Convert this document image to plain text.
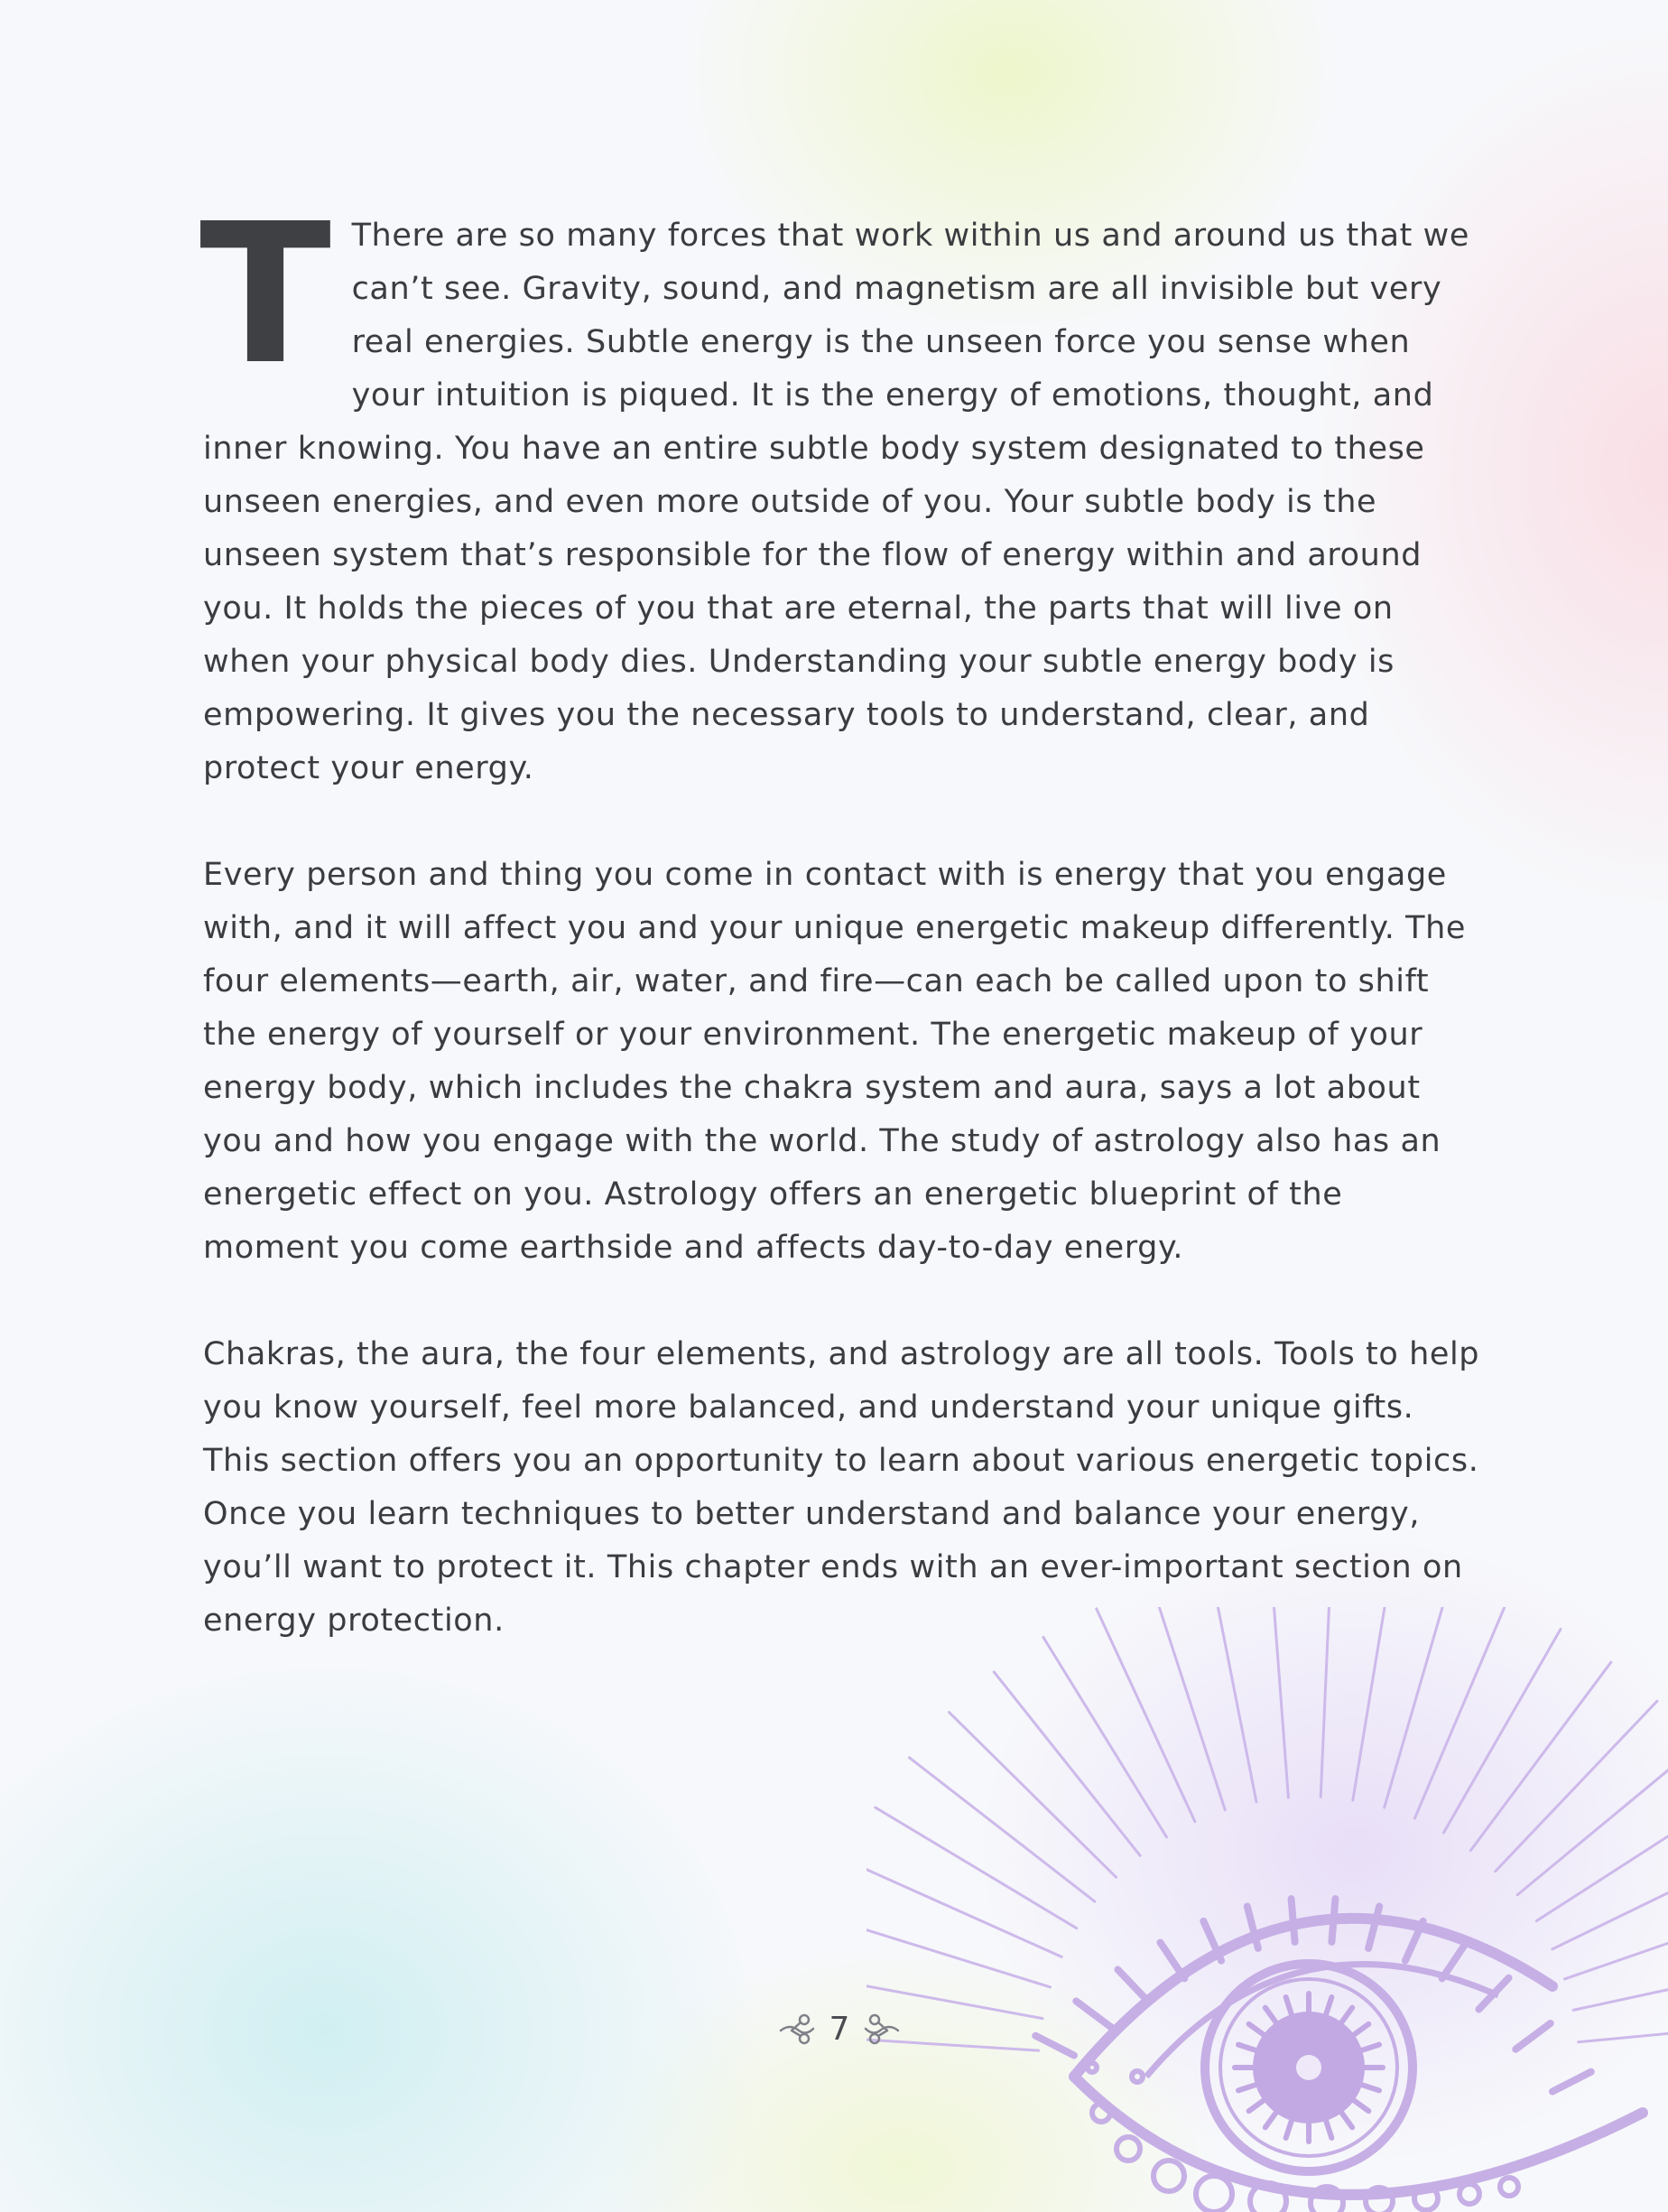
T There are so many forces that work within us and around us that we can’t see. Gravity, sound, and magnetism are all invisible but very real energies. Subtle energy is the unseen force you sense when your intuition is piqued. It is the energy of emotions, thought, and inner knowing. You have an entire subtle body system designated to these unseen energies, and even more outside of you. Your subtle body is the unseen system that’s responsible for the flow of energy within and around you. It holds the pieces of you that are eternal, the parts that will live on when your physical body dies. Understanding your subtle energy body is empowering. It gives you the necessary tools to understand, clear, and protect your energy.

Every person and thing you come in contact with is energy that you engage with, and it will affect you and your unique energetic makeup differently. The four elements—earth, air, water, and fire—can each be called upon to shift the energy of yourself or your environment. The energetic makeup of your energy body, which includes the chakra system and aura, says a lot about you and how you engage with the world. The study of astrology also has an energetic effect on you. Astrology offers an energetic blueprint of the moment you come earthside and affects day-to-day energy.

Chakras, the aura, the four elements, and astrology are all tools. Tools to help you know yourself, feel more balanced, and understand your unique gifts. This section offers you an opportunity to learn about various energetic topics. Once you learn techniques to better understand and balance your energy, you’ll want to protect it. This chapter ends with an ever-important section on energy protection.

7
